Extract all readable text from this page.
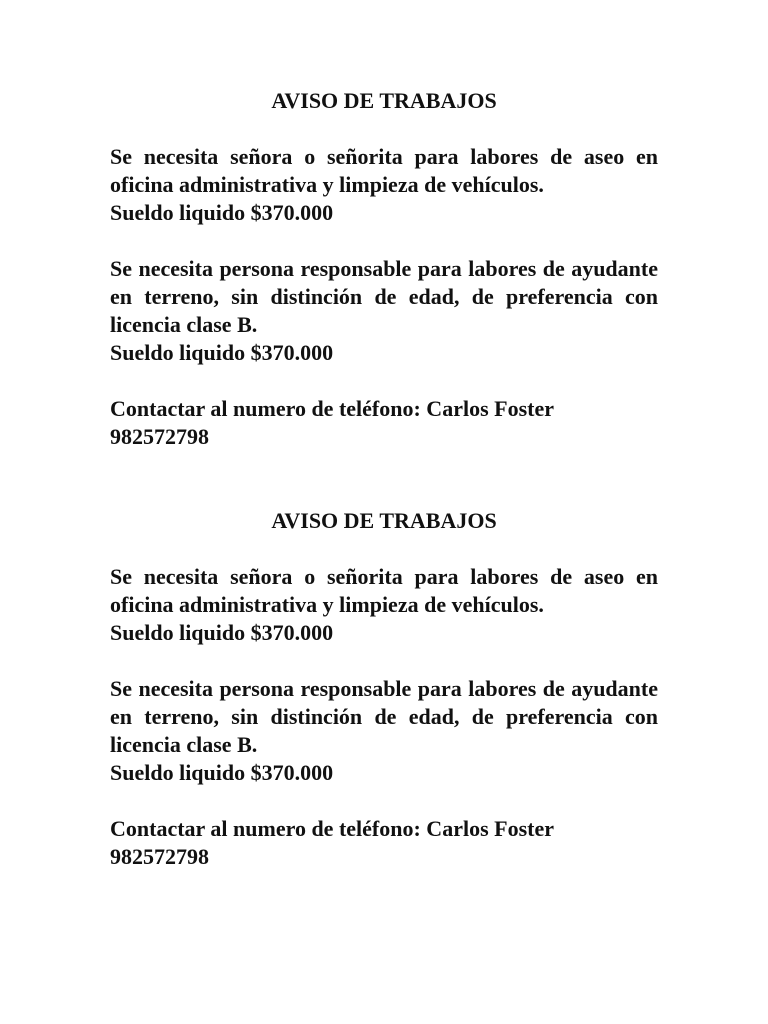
AVISO DE TRABAJOS

Se necesita señora o señorita para labores de aseo en oficina administrativa y limpieza de vehículos.
Sueldo liquido $370.000

Se necesita persona responsable para labores de ayudante en terreno, sin distinción de edad, de preferencia con licencia clase B.
Sueldo liquido $370.000

Contactar al numero de teléfono: Carlos Foster
982572798

AVISO DE TRABAJOS

Se necesita señora o señorita para labores de aseo en oficina administrativa y limpieza de vehículos.
Sueldo liquido $370.000

Se necesita persona responsable para labores de ayudante en terreno, sin distinción de edad, de preferencia con licencia clase B.
Sueldo liquido $370.000

Contactar al numero de teléfono: Carlos Foster
982572798
